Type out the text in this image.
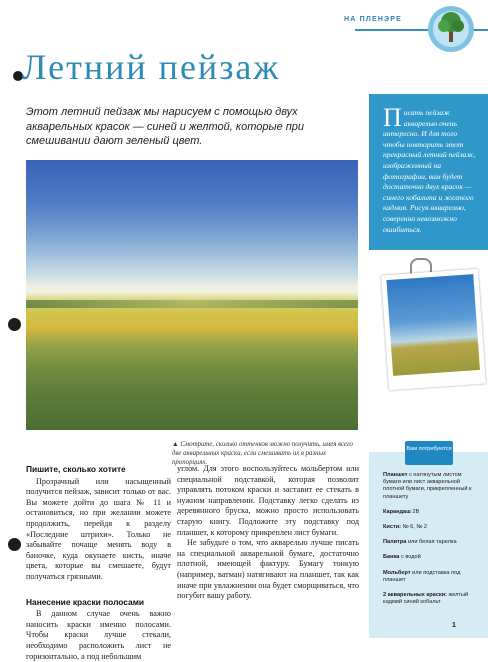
НА ПЛЕНЭРЕ
Летний пейзаж

Этот летний пейзаж мы нарисуем с помощью двух акварельных красок — синей и желтой, которые при смешивании дают зеленый цвет.

Писать пейзаж акварелью очень интересно. И для того чтобы повторить этот прекрасный летний пейзаж, изображенный на фотографии, вам будет достаточно двух красок — синего кобальта и желтого кадмия. Рисуя акварелью, соверенно невозможно ошибиться.

▲ Смотрите, сколько оттенков можно получить, имея всего две акварельных краски, если смешивать их в разных пропорциях.

Пишите, сколько хотите

Прозрачный или насыщенный получится пейзаж, зависит только от вас. Вы можете дойти до шага № 11 и остановиться, но при желании можете продолжить, перейдя к разделу «Последние штрихи». Только не забывайте почаще менять воду в баночке, куда окунаете кисть, иначе цвета, которые вы смешаете, будут получаться грязными.

Нанесение краски полосами

В данном случае очень важно наносить краски именно полосами. Чтобы краски лучше стекали, необходимо расположить лист не горизонтально, а под небольшим

углом. Для этого воспользуйтесь мольбертом или специальной подставкой, которая позволит управлять потоком краски и заставит ее стекать в нужном направлении. Подставку легко сделать из деревянного бруска, можно просто использовать старую книгу. Подложите эту подставку под планшет, к которому прикреплен лист бумаги.

Не забудьте о том, что акварелью лучше писать на специальной акварельной бумаге, достаточно плотной, имеющей фактуру. Бумагу тонкую (например, ватман) натягивают на планшет, так как иначе при увлажнении она будет сморщиваться, что погубит вашу работу.

Вам потребуются
Планшет с натянутым листом бумаги или лист акварельной плотной бумаги, прикрепленный к планшету
Карандаш 2В
Кисти: № 6, № 2
Палитра или белая тарелка
Банка с водой
Мольберт или подставка под планшет
2 акварельных краски: желтый кадмий синий кобальт
1
